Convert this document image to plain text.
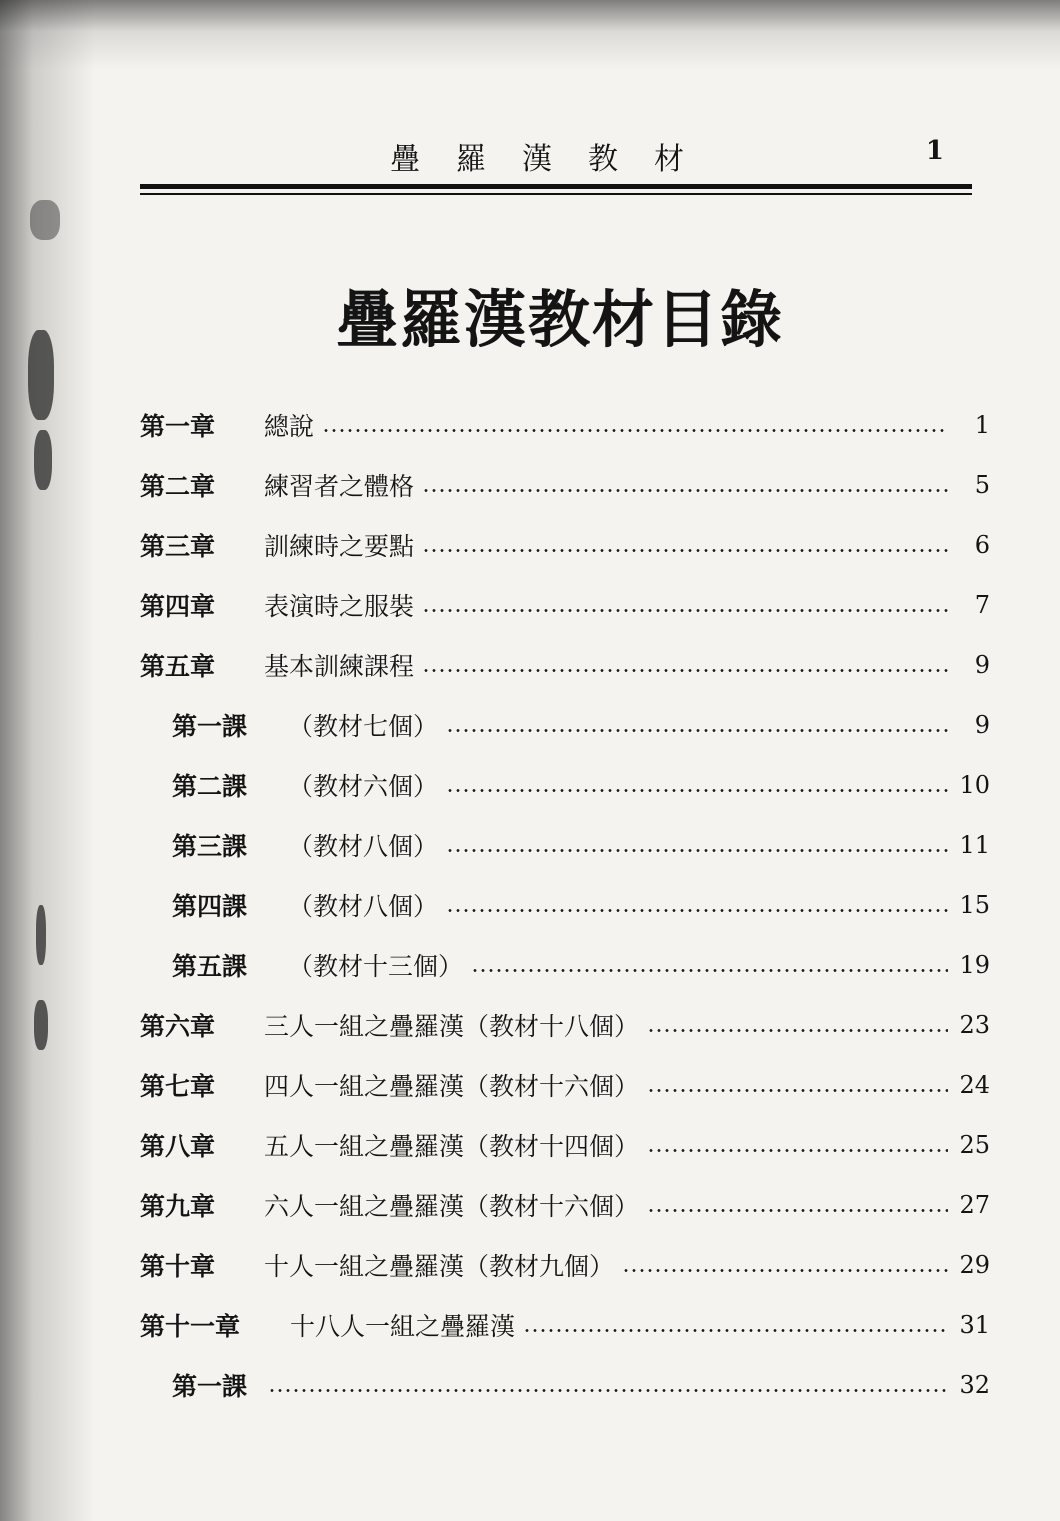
疊羅漢教材	1
疊羅漢教材目錄
第一章	總說	1
第二章	練習者之體格	5
第三章	訓練時之要點	6
第四章	表演時之服裝	7
第五章	基本訓練課程	9
第一課	（教材七個）	9
第二課	（教材六個）	10
第三課	（教材八個）	11
第四課	（教材八個）	15
第五課	（教材十三個）	19
第六章	三人一組之疊羅漢（教材十八個）	23
第七章	四人一組之疊羅漢（教材十六個）	24
第八章	五人一組之疊羅漢（教材十四個）	25
第九章	六人一組之疊羅漢（教材十六個）	27
第十章	十人一組之疊羅漢（教材九個）	29
第十一章	十八人一組之疊羅漢	31
第一課	32
